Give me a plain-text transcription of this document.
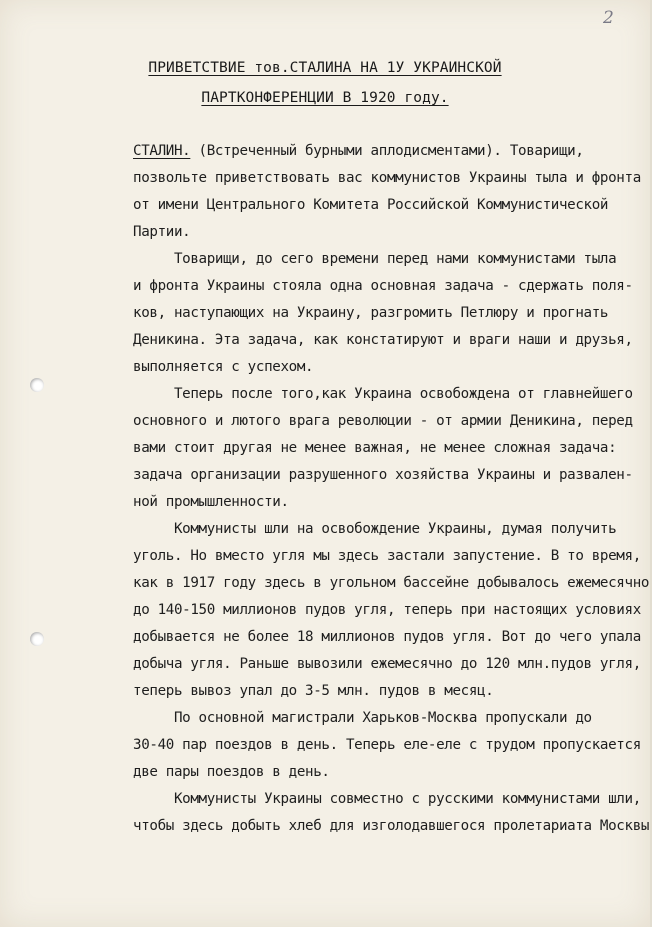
2
ПРИВЕТСТВИЕ тов.СТАЛИНА НА 1У УКРАИНСКОЙ
ПАРТКОНФЕРЕНЦИИ В 1920 году.
СТАЛИН. (Встреченный бурными аплодисментами). Товарищи,
позвольте приветствовать вас коммунистов Украины тыла и фронта
от имени Центрального Комитета Российской Коммунистической
Партии.
Товарищи, до сего времени перед нами коммунистами тыла
и фронта Украины стояла одна основная задача - сдержать поля-
ков, наступающих на Украину, разгромить Петлюру и прогнать
Деникина. Эта задача, как констатируют и враги наши и друзья,
выполняется с успехом.
Теперь после того,как Украина освобождена от главнейшего
основного и лютого врага революции - от армии Деникина, перед
вами стоит другая не менее важная, не менее сложная задача:
задача организации разрушенного хозяйства Украины и развален-
ной промышленности.
Коммунисты шли на освобождение Украины, думая получить
уголь. Но вместо угля мы здесь застали запустение. В то время,
как в 1917 году здесь в угольном бассейне добывалось ежемесячно
до 140-150 миллионов пудов угля, теперь при настоящих условиях
добывается не более 18 миллионов пудов угля. Вот до чего упала
добыча угля. Раньше вывозили ежемесячно до 120 млн.пудов угля,
теперь вывоз упал до 3-5 млн. пудов в месяц.
По основной магистрали Харьков-Москва пропускали до
30-40 пар поездов в день. Теперь еле-еле с трудом пропускается
две пары поездов в день.
Коммунисты Украины совместно с русскими коммунистами шли,
чтобы здесь добыть хлеб для изголодавшегося пролетариата Москвы
